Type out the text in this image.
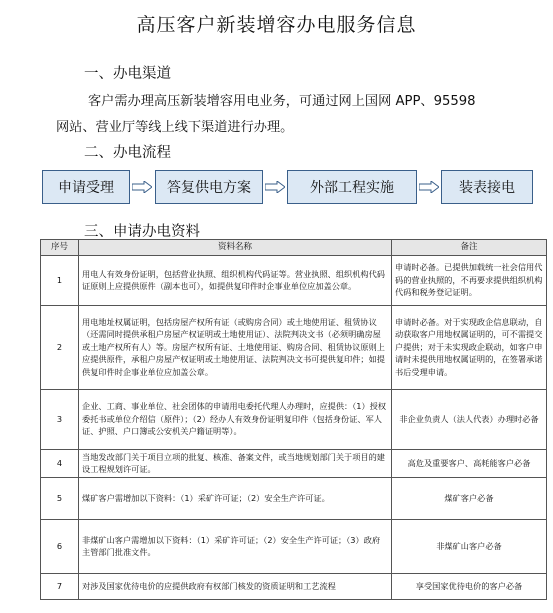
高压客户新装增容办电服务信息
一、办电渠道
客户需办理高压新装增容用电业务，可通过网上国网 APP、95598
网站、营业厅等线上线下渠道进行办理。
二、办电流程
申请受理	答复供电方案	外部工程实施	装表接电
三、申请办电资料
序号	资料名称	备注
1	用电人有效身份证明，包括营业执照、组织机构代码证等。营业执照、组织机构代码证原则上应提供原件（副本也可），如提供复印件时企事业单位应加盖公章。	申请时必备。已提供加载统一社会信用代码的营业执照的，不再要求提供组织机构代码和税务登记证明。
2	用电地址权属证明，包括房屋产权所有证（或购房合同）或土地使用证、租赁协议（还需同时提供承租户房屋产权证明或土地使用证）、法院判决文书（必须明确房屋或土地产权所有人）等。房屋产权所有证、土地使用证、购房合同、租赁协议原则上应提供原件，承租户房屋产权证明或土地使用证、法院判决文书可提供复印件；如提供复印件时企事业单位应加盖公章。	申请时必备。对于实现政企信息联动，自动获取客户用地权属证明的，可不需提交户提供；对于未实现政企联动，如客户申请时未提供用地权属证明的，在签署承诺书后受理申请。
3	企业、工商、事业单位、社会团体的申请用电委托代理人办理时，应提供：（1）授权委托书或单位介绍信（原件）；（2）经办人有效身份证明复印件（包括身份证、军人证、护照、户口簿或公安机关户籍证明等）。	非企业负责人（法人代表）办理时必备
4	当地发改部门关于项目立项的批复、核准、备案文件，或当地规划部门关于项目的建设工程规划许可证。	高危及重要客户、高耗能客户必备
5	煤矿客户需增加以下资料：（1）采矿许可证；（2）安全生产许可证。	煤矿客户必备
6	非煤矿山客户需增加以下资料：（1）采矿许可证；（2）安全生产许可证；（3）政府主管部门批准文件。	非煤矿山客户必备
7	对涉及国家优待电价的应提供政府有权部门核发的资质证明和工艺流程	享受国家优待电价的客户必备
